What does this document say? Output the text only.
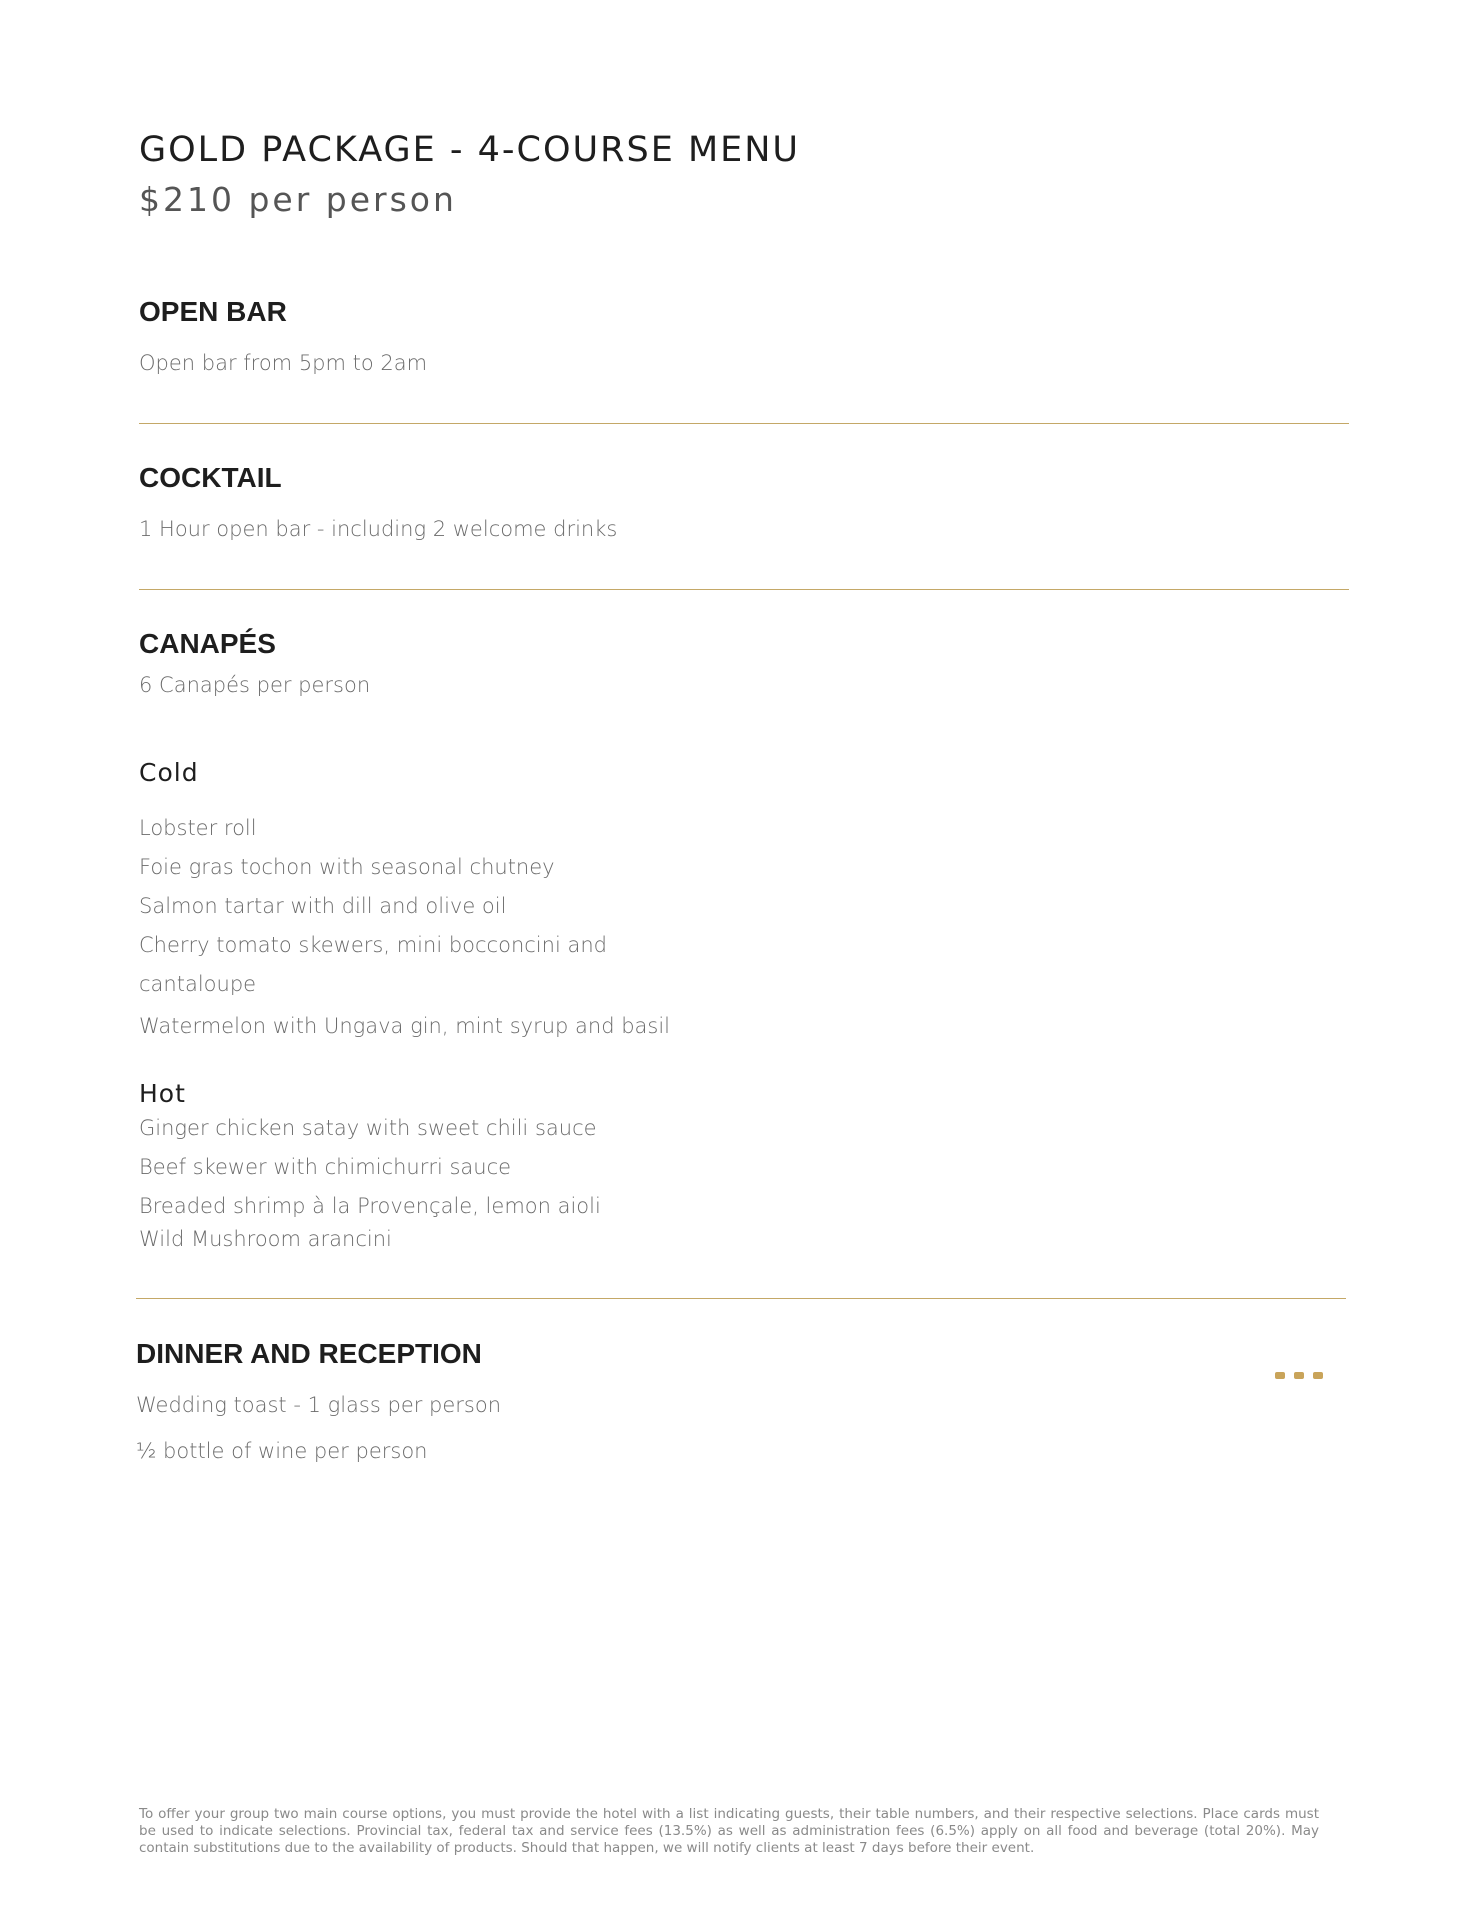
GOLD PACKAGE - 4-COURSE MENU
$210 per person
OPEN BAR
Open bar from 5pm to 2am
COCKTAIL
1 Hour open bar - including 2 welcome drinks
CANAPÉS
6 Canapés per person
Cold
Lobster roll
Foie gras tochon with seasonal chutney
Salmon tartar with dill and olive oil
Cherry tomato skewers, mini bocconcini and
cantaloupe
Watermelon with Ungava gin, mint syrup and basil
Hot
Ginger chicken satay with sweet chili sauce
Beef skewer with chimichurri sauce
Breaded shrimp à la Provençale, lemon aioli
Wild Mushroom arancini
DINNER AND RECEPTION
Wedding toast - 1 glass per person
½ bottle of wine per person
To offer your group two main course options, you must provide the hotel with a list indicating guests, their table numbers, and their respective selections. Place cards must be used to indicate selections. Provincial tax, federal tax and service fees (13.5%) as well as administration fees (6.5%) apply on all food and beverage (total 20%). May contain substitutions due to the availability of products. Should that happen, we will notify clients at least 7 days before their event.
